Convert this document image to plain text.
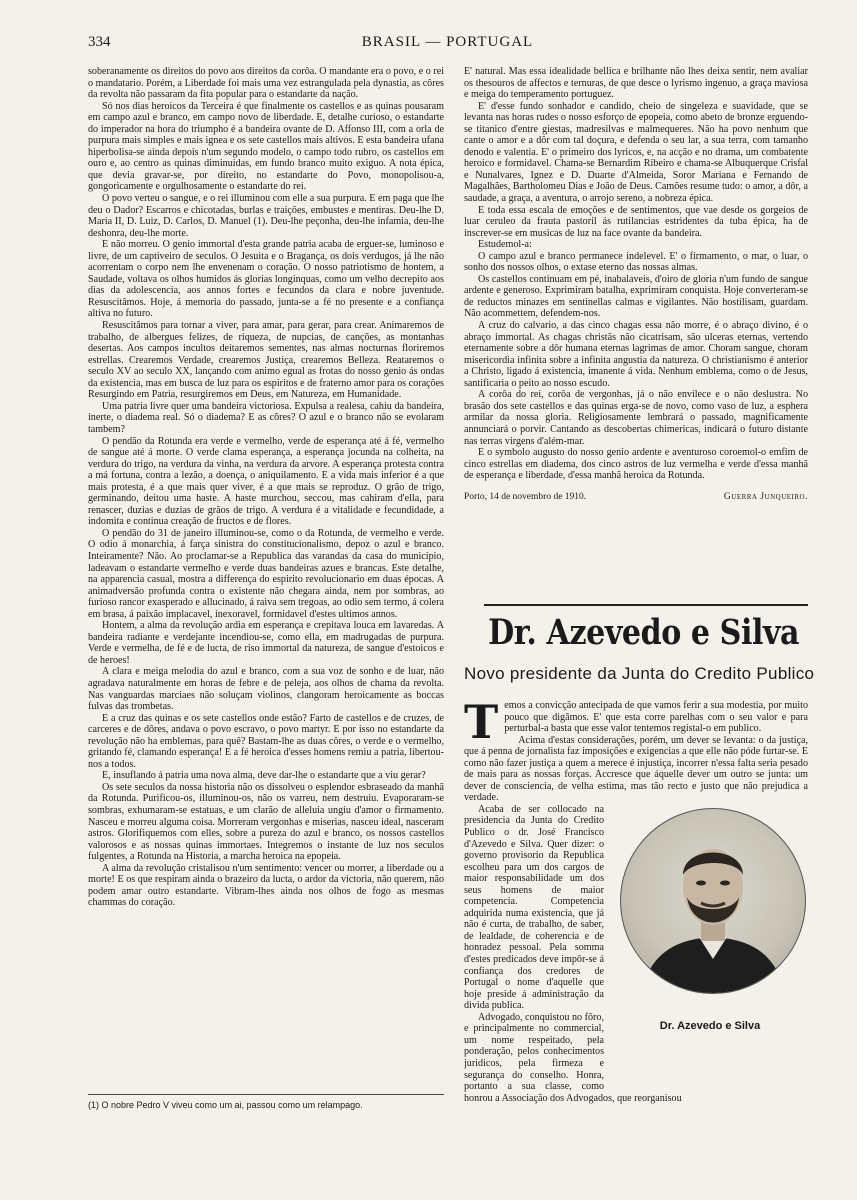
334	BRASIL — PORTUGAL

soberanamente os direitos do povo aos direitos da corôa. O mandante era o povo, e o rei o mandatario. Porém, a Liberdade foi mais uma vez estrangulada pela dynastia, as côres da revolta não passaram da fita popular para o estandarte da nação.

Só nos dias heroicos da Terceira é que finalmente os castellos e as quinas pousaram em campo azul e branco, em campo novo de liberdade. E, detalhe curioso, o estandarte do imperador na hora do triumpho é a bandeira ovante de D. Affonso III, com a orla de purpura mais simples e mais ignea e os sete castellos mais altivos. E esta bandeira ufana hiperbolisa-se ainda depois n'um segundo modelo, o campo todo rubro, os castellos em ouro e, ao centro as quinas diminuidas, em fundo branco muito exiguo. A nota épica, que devia gravar-se, por direito, no estandarte do Povo, monopolisou-a, gongoricamente e orgulhosamente o estandarte do rei.

O povo verteu o sangue, e o rei illuminou com elle a sua purpura. E em paga que lhe deu o Dador? Escarros e chicotadas, burlas e traições, embustes e mentiras. Deu-lhe D. Maria II, D. Luiz, D. Carlos, D. Manuel (1). Deu-lhe peçonha, deu-lhe infamia, deu-lhe deshonra, deu-lhe morte.

E não morreu. O genio immortal d'esta grande patria acaba de erguer-se, luminoso e livre, de um captiveiro de seculos. O Jesuita e o Bragança, os dois verdugos, já lhe não acorrentam o corpo nem lhe envenenam o coração. O nosso patriotismo de hontem, a Saudade, voltava os olhos humidos ás glorias longinquas, como um velho decrepito aos dias da adolescencia, aos annos fortes e fecundos da clara e nobre juventude. Resuscitâmos. Hoje, á memoria do passado, junta-se a fé no presente e a confiança altiva no futuro.

Resuscitâmos para tornar a viver, para amar, para gerar, para crear. Animaremos de trabalho, de albergues felizes, de riqueza, de nupcias, de canções, as montanhas desertas. Aos campos incultos deitaremos sementes, nas almas nocturnas floriremos estrellas. Crearemos Verdade, crearemos Justiça, crearemos Belleza. Reataremos o seculo XV ao seculo XX, lançando com animo egual as frotas do nosso genio ás ondas da existencia, mas em busca de luz para os espiritos e de fraterno amor para os corações Resurgindo em Patria, resurgiremos em Deus, em Natureza, em Humanidade.

Uma patria livre quer uma bandeira victoriosa. Expulsa a realesa, cahiu da bandeira, inerte, o diadema real. Só o diadema? E as côres? O azul e o branco não se evolaram tambem?

O pendão da Rotunda era verde e vermelho, verde de esperança até á fé, vermelho de sangue até á morte. O verde clama esperança, a esperança jocunda na colheita, na verdura do trigo, na verdura da vinha, na verdura da arvore. A esperança protesta contra a má fortuna, contra a lezão, a doença, o aniquilamento. E a vida mais inferior é a que mais protesta, é a que mais quer viver, é a que mais se reproduz. O grão de trigo, germinando, deitou uma haste. A haste murchou, seccou, mas cahiram d'ella, para renascer, duzias e duzias de grãos de trigo. A verdura é a vitalidade e fecundidade, a indomita e continua creação de fructos e de flores.

O pendão do 31 de janeiro illuminou-se, como o da Rotunda, de vermelho e verde. O odio á monarchia, á farça sinistra do constitucionalismo, depoz o azul e branco. Inteiramente? Não. Ao proclamar-se a Republica das varandas da casa do municipio, ladeavam o estandarte vermelho e verde duas bandeiras azues e brancas. Este detalhe, na apparencia casual, mostra a differença do espirito revolucionario em duas épocas. A animadversão profunda contra o existente não chegara ainda, nem por sombras, ao furioso rancor exasperado e allucinado, á raiva sem tregoas, ao odio sem termo, á colera em brasa, á paixão implacavel, inexoravel, formidavel d'estes ultimos annos.

Hontem, a alma da revolução ardia em esperança e crepitava louca em lavaredas. A bandeira radiante e verdejante incendiou-se, como ella, em madrugadas de purpura. Verde e vermelha, de fé e de lucta, de riso immortal da natureza, de sangue d'estoicos e de heroes!

A clara e meiga melodia do azul e branco, com a sua voz de sonho e de luar, não agradava naturalmente em horas de febre e de peleja, aos olhos de chama da revolta. Nas vanguardas marciaes não soluçam violinos, clangoram heroicamente as boccas fulvas das trombetas.

E a cruz das quinas e os sete castellos onde estão? Farto de castellos e de cruzes, de carceres e de dôres, andava o povo escravo, o povo martyr. E por isso no estandarte da revolução não ha emblemas, para quê? Bastam-lhe as duas côres, o verde e o vermelho, gritando fé, clamando esperança! E a fé heroica d'esses homens remiu a patria, libertou-nos a todos.

E, insuflando á patria uma nova alma, deve dar-lhe o estandarte que a viu gerar?

Os sete seculos da nossa historia não os dissolveu o esplendor esbraseado da manhã da Rotunda. Purificou-os, illuminou-os, não os varreu, nem destruiu. Evaporaram-se sombras, exhumaram-se estatuas, e um clarão de alleluia ungiu d'amor o firmamento. Nasceu e morreu alguma coisa. Morreram vergonhas e miserias, nasceu ideal, nasceram astros. Glorifiquemos com elles, sobre a pureza do azul e branco, os nossos castellos valorosos e as nossas quinas immortaes. Integremos o instante de luz nos seculos fulgentes, a Rotunda na Historia, a marcha heroica na epopeia.

A alma da revolução cristalisou n'um sentimento: vencer ou morrer, a liberdade ou a morte! E os que respiram ainda o brazeiro da lucta, o ardor da victoria, não querem, não podem amar outro estandarte. Vibram-lhes ainda nos olhos de fogo as mesmas chammas do coração.

E' natural. Mas essa idealidade bellica e brilhante não lhes deixa sentir, nem avaliar os thesouros de affectos e ternuras, de que desce o lyrismo ingenuo, a graça maviosa e meiga do temperamento portuguez.

E' d'esse fundo sonhador e candido, cheio de singeleza e suavidade, que se levanta nas horas rudes o nosso esforço de epopeia, como abeto de bronze erguendo-se titanico d'entre giestas, madresilvas e malmequeres. Não ha povo nenhum que cante o amor e a dôr com tal doçura, e defenda o seu lar, a sua terra, com tamanho denodo e valentia. E' o primeiro dos lyricos, e, na acção e no drama, um combatente heroico e formidavel. Chama-se Bernardim Ribeiro e chama-se Albuquerque Crisfal e Nunalvares, Ignez e D. Duarte d'Almeida, Soror Mariana e Fernando de Magalhães, Bartholomeu Dias e João de Deus. Camões resume tudo: o amor, a dôr, a saudade, a graça, a aventura, o arrojo sereno, a nobreza épica.

E toda essa escala de emoções e de sentimentos, que vae desde os gorgeios de luar ceruleo da frauta pastoril ás rutilancias estridentes da tuba épica, ha de inscrever-se em musicas de luz na face ovante da bandeira.

Estudemol-a:

O campo azul e branco permanece indelevel. E' o firmamento, o mar, o luar, o sonho dos nossos olhos, o extase eterno das nossas almas.

Os castellos continuam em pé, inabalaveis, d'oiro de gloria n'um fundo de sangue ardente e generoso. Exprimiram batalha, exprimiram conquista. Hoje converteram-se de reductos minazes em sentinellas calmas e vigilantes. Não hostilisam, guardam. Não acommettem, defendem-nos.

A cruz do calvario, a das cinco chagas essa não morre, é o abraço divino, é o abraço immortal. As chagas christãs não cicatrisam, são ulceras eternas, vertendo eternamente sobre a dôr humana eternas lagrimas de amor. Choram sangue, choram misericordia infinita sobre a infinita angustia da natureza. O christianismo é anterior a Christo, ligado á existencia, imanente á vida. Nenhum emblema, como o de Jesus, santificaria o peito ao nosso escudo.

A corôa do rei, corôa de vergonhas, já o não envilece e o não deslustra. No brasão dos sete castellos e das quinas erga-se de novo, como vaso de luz, a esphera armilar da nossa gloria. Religiosamente lembrará o passado, magnificamente annunciará o porvir. Cantando as descobertas chimericas, indicará o futuro distante nas terras virgens d'além-mar.

E o symbolo augusto do nosso genio ardente e aventuroso coroemol-o emfim de cinco estrellas em diadema, dos cinco astros de luz vermelha e verde d'essa manhã de esperança e liberdade, d'essa manhã heroica da Rotunda.

Porto, 14 de novembro de 1910.	Guerra Junqueiro.
(1) O nobre Pedro V viveu como um ai, passou como um relampago.
Dr. Azevedo e Silva
Novo presidente da Junta do Credito Publico

Temos a convicção antecipada de que vamos ferir a sua modestia, por muito pouco que digâmos. E' que esta corre parelhas com o seu valor e para perturbal-a basta que esse valor tentemos registal-o em publico.

Acima d'estas considerações, porém, um dever se levanta: o da justiça, que á penna de jornalista faz imposições e exigencias a que elle não póde furtar-se. E como não fazer justiça a quem a merece é injustiça, incorrer n'essa falta seria pesado de mais para as nossas forças. Accresce que áquelle dever um outro se junta: um dever de consciencia, de velha estima, mas tão recto e justo que não prejudica a verdade.

Dr. Azevedo e Silva

Acaba de ser collocado na presidencia da Junta do Credito Publico o dr. José Francisco d'Azevedo e Silva. Quer dizer: o governo provisorio da Republica escolheu para um dos cargos de maior responsabilidade um dos seus homens de maior competencia. Competencia adquirida numa existencia, que já não é curta, de trabalho, de saber, de lealdade, de coherencia e de honradez pessoal. Pela somma d'estes predicados deve impôr-se á confiança dos credores de Portugal o nome d'aquelle que hoje preside á administração da divida publica.

Advogado, conquistou no fôro, e principalmente no commercial, um nome respeitado, pela ponderação, pelos conhecimentos juridicos, pela firmeza e segurança do conselho. Honra, portanto a sua classe, como honrou a Associação dos Advogados, que reorganisou
